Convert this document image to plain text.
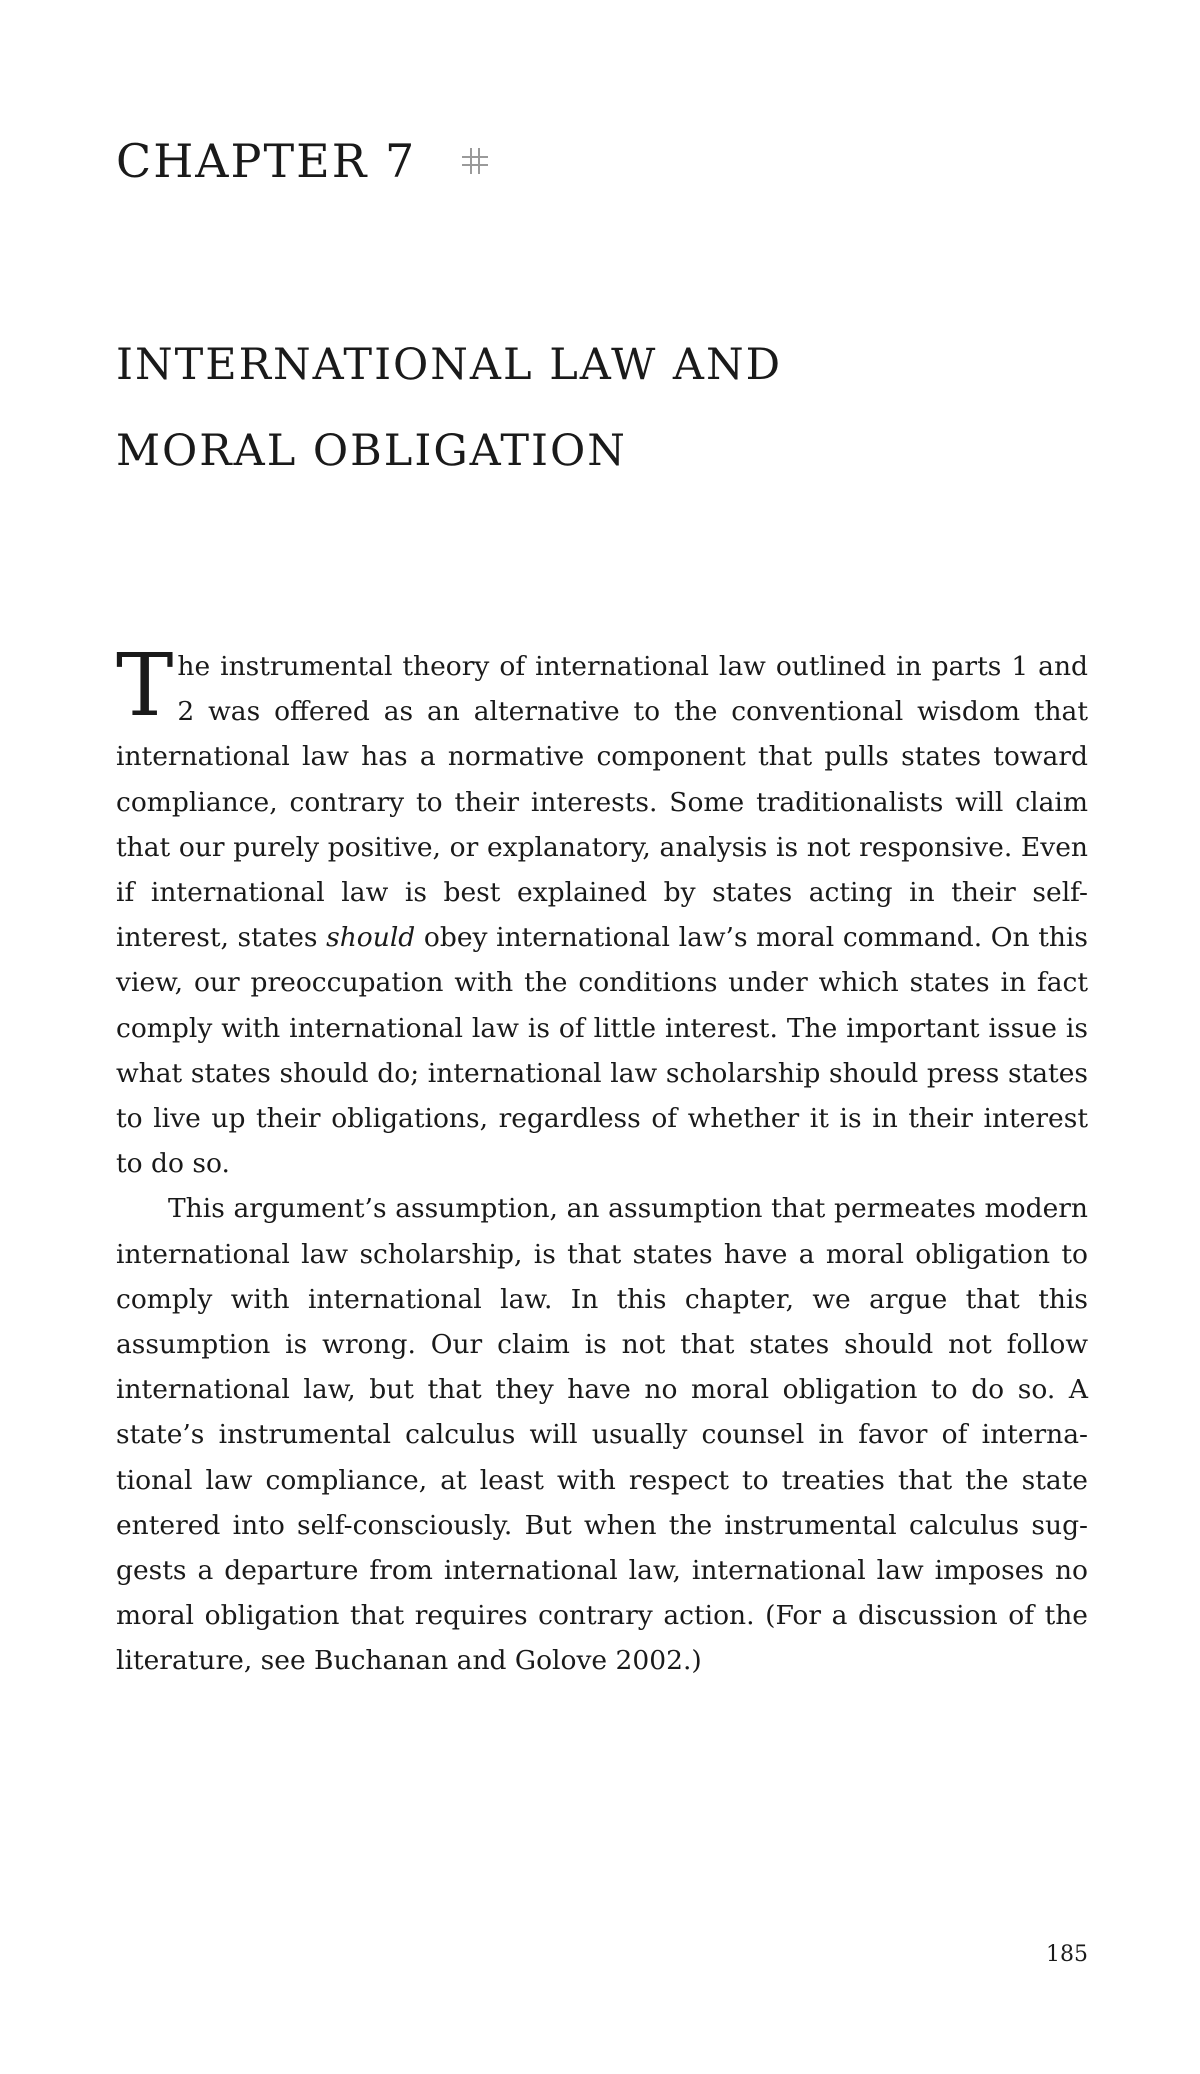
CHAPTER 7
INTERNATIONAL LAW AND
MORAL OBLIGATION

The instrumental theory of international law outlined in parts 1 and 2 was offered as an alternative to the conventional wisdom that international law has a normative component that pulls states toward compliance, contrary to their interests. Some traditionalists will claim that our purely positive, or explanatory, analysis is not responsive. Even if international law is best explained by states acting in their self-interest, states should obey international law’s moral command. On this view, our preoccupation with the conditions under which states in fact comply with international law is of little interest. The important issue is what states should do; international law scholarship should press states to live up their obligations, regardless of whether it is in their interest to do so.

This argument’s assumption, an assumption that permeates modern international law scholarship, is that states have a moral obligation to comply with international law. In this chapter, we argue that this assumption is wrong. Our claim is not that states should not follow international law, but that they have no moral obligation to do so. A state’s instrumental calculus will usually counsel in favor of international law compliance, at least with respect to treaties that the state entered into self-consciously. But when the instrumental calculus suggests a departure from international law, international law imposes no moral obligation that requires contrary action. (For a discussion of the literature, see Buchanan and Golove 2002.)

185
